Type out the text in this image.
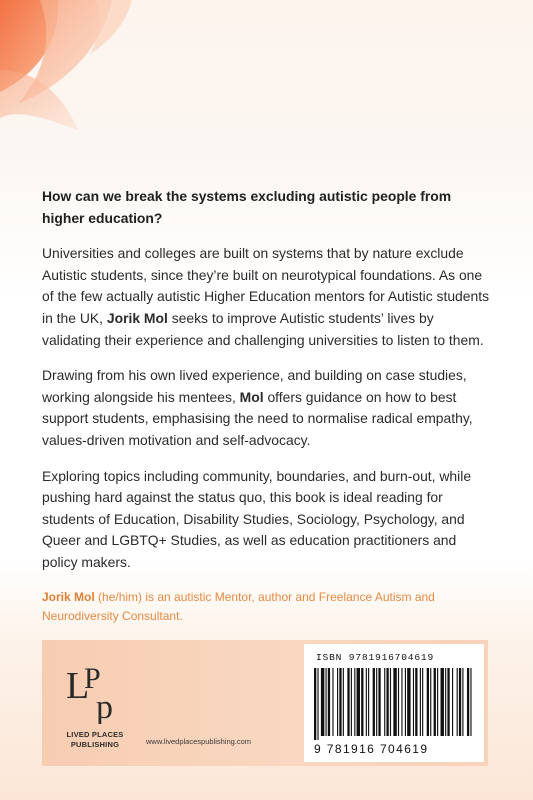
How can we break the systems excluding autistic people from higher education?

Universities and colleges are built on systems that by nature exclude Autistic students, since they’re built on neurotypical foundations. As one of the few actually autistic Higher Education mentors for Autistic students in the UK, Jorik Mol seeks to improve Autistic students’ lives by validating their experience and challenging universities to listen to them.

Drawing from his own lived experience, and building on case studies, working alongside his mentees, Mol offers guidance on how to best support students, emphasising the need to normalise radical empathy, values-driven motivation and self-advocacy.

Exploring topics including community, boundaries, and burn-out, while pushing hard against the status quo, this book is ideal reading for students of Education, Disability Studies, Sociology, Psychology, and Queer and LGBTQ+ Studies, as well as education practitioners and policy makers.

Jorik Mol (he/him) is an autistic Mentor, author and Freelance Autism and Neurodiversity Consultant.

L
P
p
LIVED PLACES
PUBLISHING	www.livedplacespublishing.com
ISBN 9781916704619
9 781916 704619
